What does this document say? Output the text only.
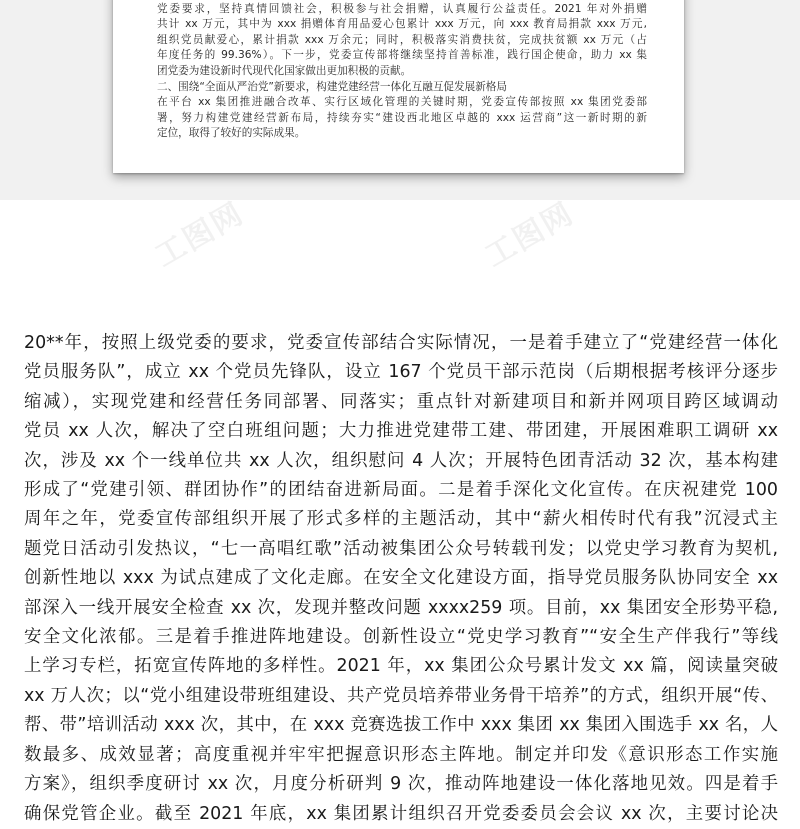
党委要求，坚持真情回馈社会，积极参与社会捐赠，认真履行公益责任。2021 年对外捐赠

共计 xx 万元，其中为 xxx 捐赠体育用品爱心包累计 xxx 万元，向 xxx 教育局捐款 xxx 万元,

组织党员献爱心，累计捐款 xxx 万余元；同时，积极落实消费扶贫，完成扶贫额 xx 万元（占

年度任务的 99.36%）。下一步，党委宣传部将继续坚持首善标准，践行国企使命，助力 xx 集

团党委为建设新时代现代化国家做出更加积极的贡献。

二、围绕“全面从严治党”新要求，构建党建经营一体化互融互促发展新格局

在平台 xx 集团推进融合改革、实行区域化管理的关键时期，党委宣传部按照 xx 集团党委部

署，努力构建党建经营新布局，持续夯实“建设西北地区卓越的 xxx 运营商”这一新时期的新

定位，取得了较好的实际成果。

工图网	工图网

20**年，按照上级党委的要求，党委宣传部结合实际情况，一是着手建立了“党建经营一体化

党员服务队”，成立 xx 个党员先锋队，设立 167 个党员干部示范岗（后期根据考核评分逐步

缩减），实现党建和经营任务同部署、同落实；重点针对新建项目和新并网项目跨区域调动

党员 xx 人次，解决了空白班组问题；大力推进党建带工建、带团建，开展困难职工调研 xx

次，涉及 xx 个一线单位共 xx 人次，组织慰问 4 人次；开展特色团青活动 32 次，基本构建

形成了“党建引领、群团协作”的团结奋进新局面。二是着手深化文化宣传。在庆祝建党 100

周年之年，党委宣传部组织开展了形式多样的主题活动，其中“薪火相传时代有我”沉浸式主

题党日活动引发热议，“七一高唱红歌”活动被集团公众号转载刊发；以党史学习教育为契机,

创新性地以 xxx 为试点建成了文化走廊。在安全文化建设方面，指导党员服务队协同安全 xx

部深入一线开展安全检查 xx 次，发现并整改问题 xxxx259 项。目前，xx 集团安全形势平稳,

安全文化浓郁。三是着手推进阵地建设。创新性设立“党史学习教育”“安全生产伴我行”等线

上学习专栏，拓宽宣传阵地的多样性。2021 年，xx 集团公众号累计发文 xx 篇，阅读量突破

xx 万人次；以“党小组建设带班组建设、共产党员培养带业务骨干培养”的方式，组织开展“传、

帮、带”培训活动 xxx 次，其中，在 xxx 竞赛选拔工作中 xxx 集团 xx 集团入围选手 xx 名，人

数最多、成效显著；高度重视并牢牢把握意识形态主阵地。制定并印发《意识形态工作实施

方案》，组织季度研讨 xx 次，月度分析研判 9 次，推动阵地建设一体化落地见效。四是着手

确保党管企业。截至 2021 年底，xx 集团累计组织召开党委委员会会议 xx 次，主要讨论决
